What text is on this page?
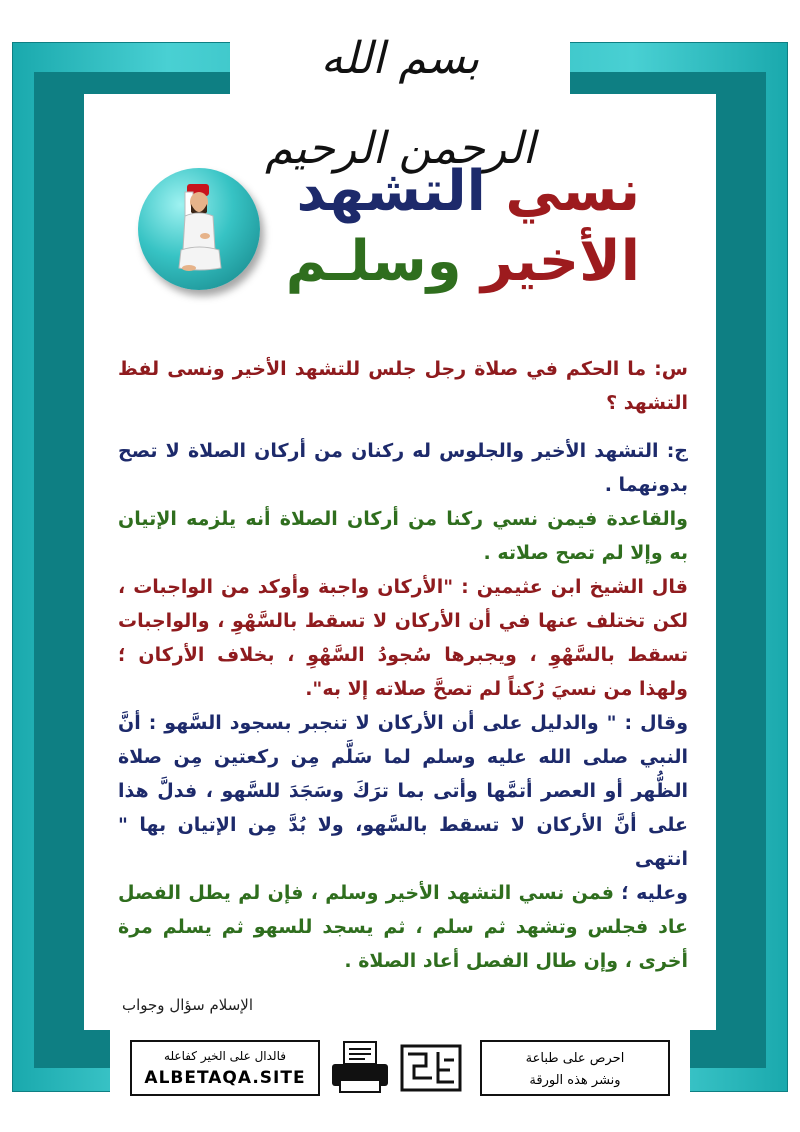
بسم الله الرحمن الرحيم
نسي التشهد
الأخير وسلـم

س: ما الحكم في صلاة رجل جلس للتشهد الأخير ونسى لفظ التشهد ؟

ج: التشهد الأخير والجلوس له ركنان من أركان الصلاة لا تصح بدونهما .

والقاعدة فيمن نسي ركنا من أركان الصلاة أنه يلزمه الإتيان به وإلا لم تصح صلاته .

قال الشيخ ابن عثيمين : "الأركان واجبة وأوكد من الواجبات ، لكن تختلف عنها في أن الأركان لا تسقط بالسَّهْوِ ، والواجبات تسقط بالسَّهْوِ ، ويجبرها سُجودُ السَّهْوِ ، بخلاف الأركان ؛ ولهذا من نسيَ رُكناً لم تصحَّ صلاته إلا به".

وقال : " والدليل على أن الأركان لا تنجبر بسجود السَّهو : أنَّ النبي صلى الله عليه وسلم لما سَلَّم مِن ركعتين مِن صلاة الظُّهر أو العصر أتمَّها وأتى بما ترَكَ وسَجَدَ للسَّهو ، فدلَّ هذا على أنَّ الأركان لا تسقط بالسَّهو، ولا بُدَّ مِن الإتيان بها " انتهى

وعليه ؛ فمن نسي التشهد الأخير وسلم ، فإن لم يطل الفصل عاد فجلس وتشهد ثم سلم ، ثم يسجد للسهو ثم يسلم مرة أخرى ، وإن طال الفصل أعاد الصلاة .

الإسلام سؤال وجواب
فالدال على الخير كفاعله
ALBETAQA.SITE
احرص على طباعة
ونشر هذه الورقة
